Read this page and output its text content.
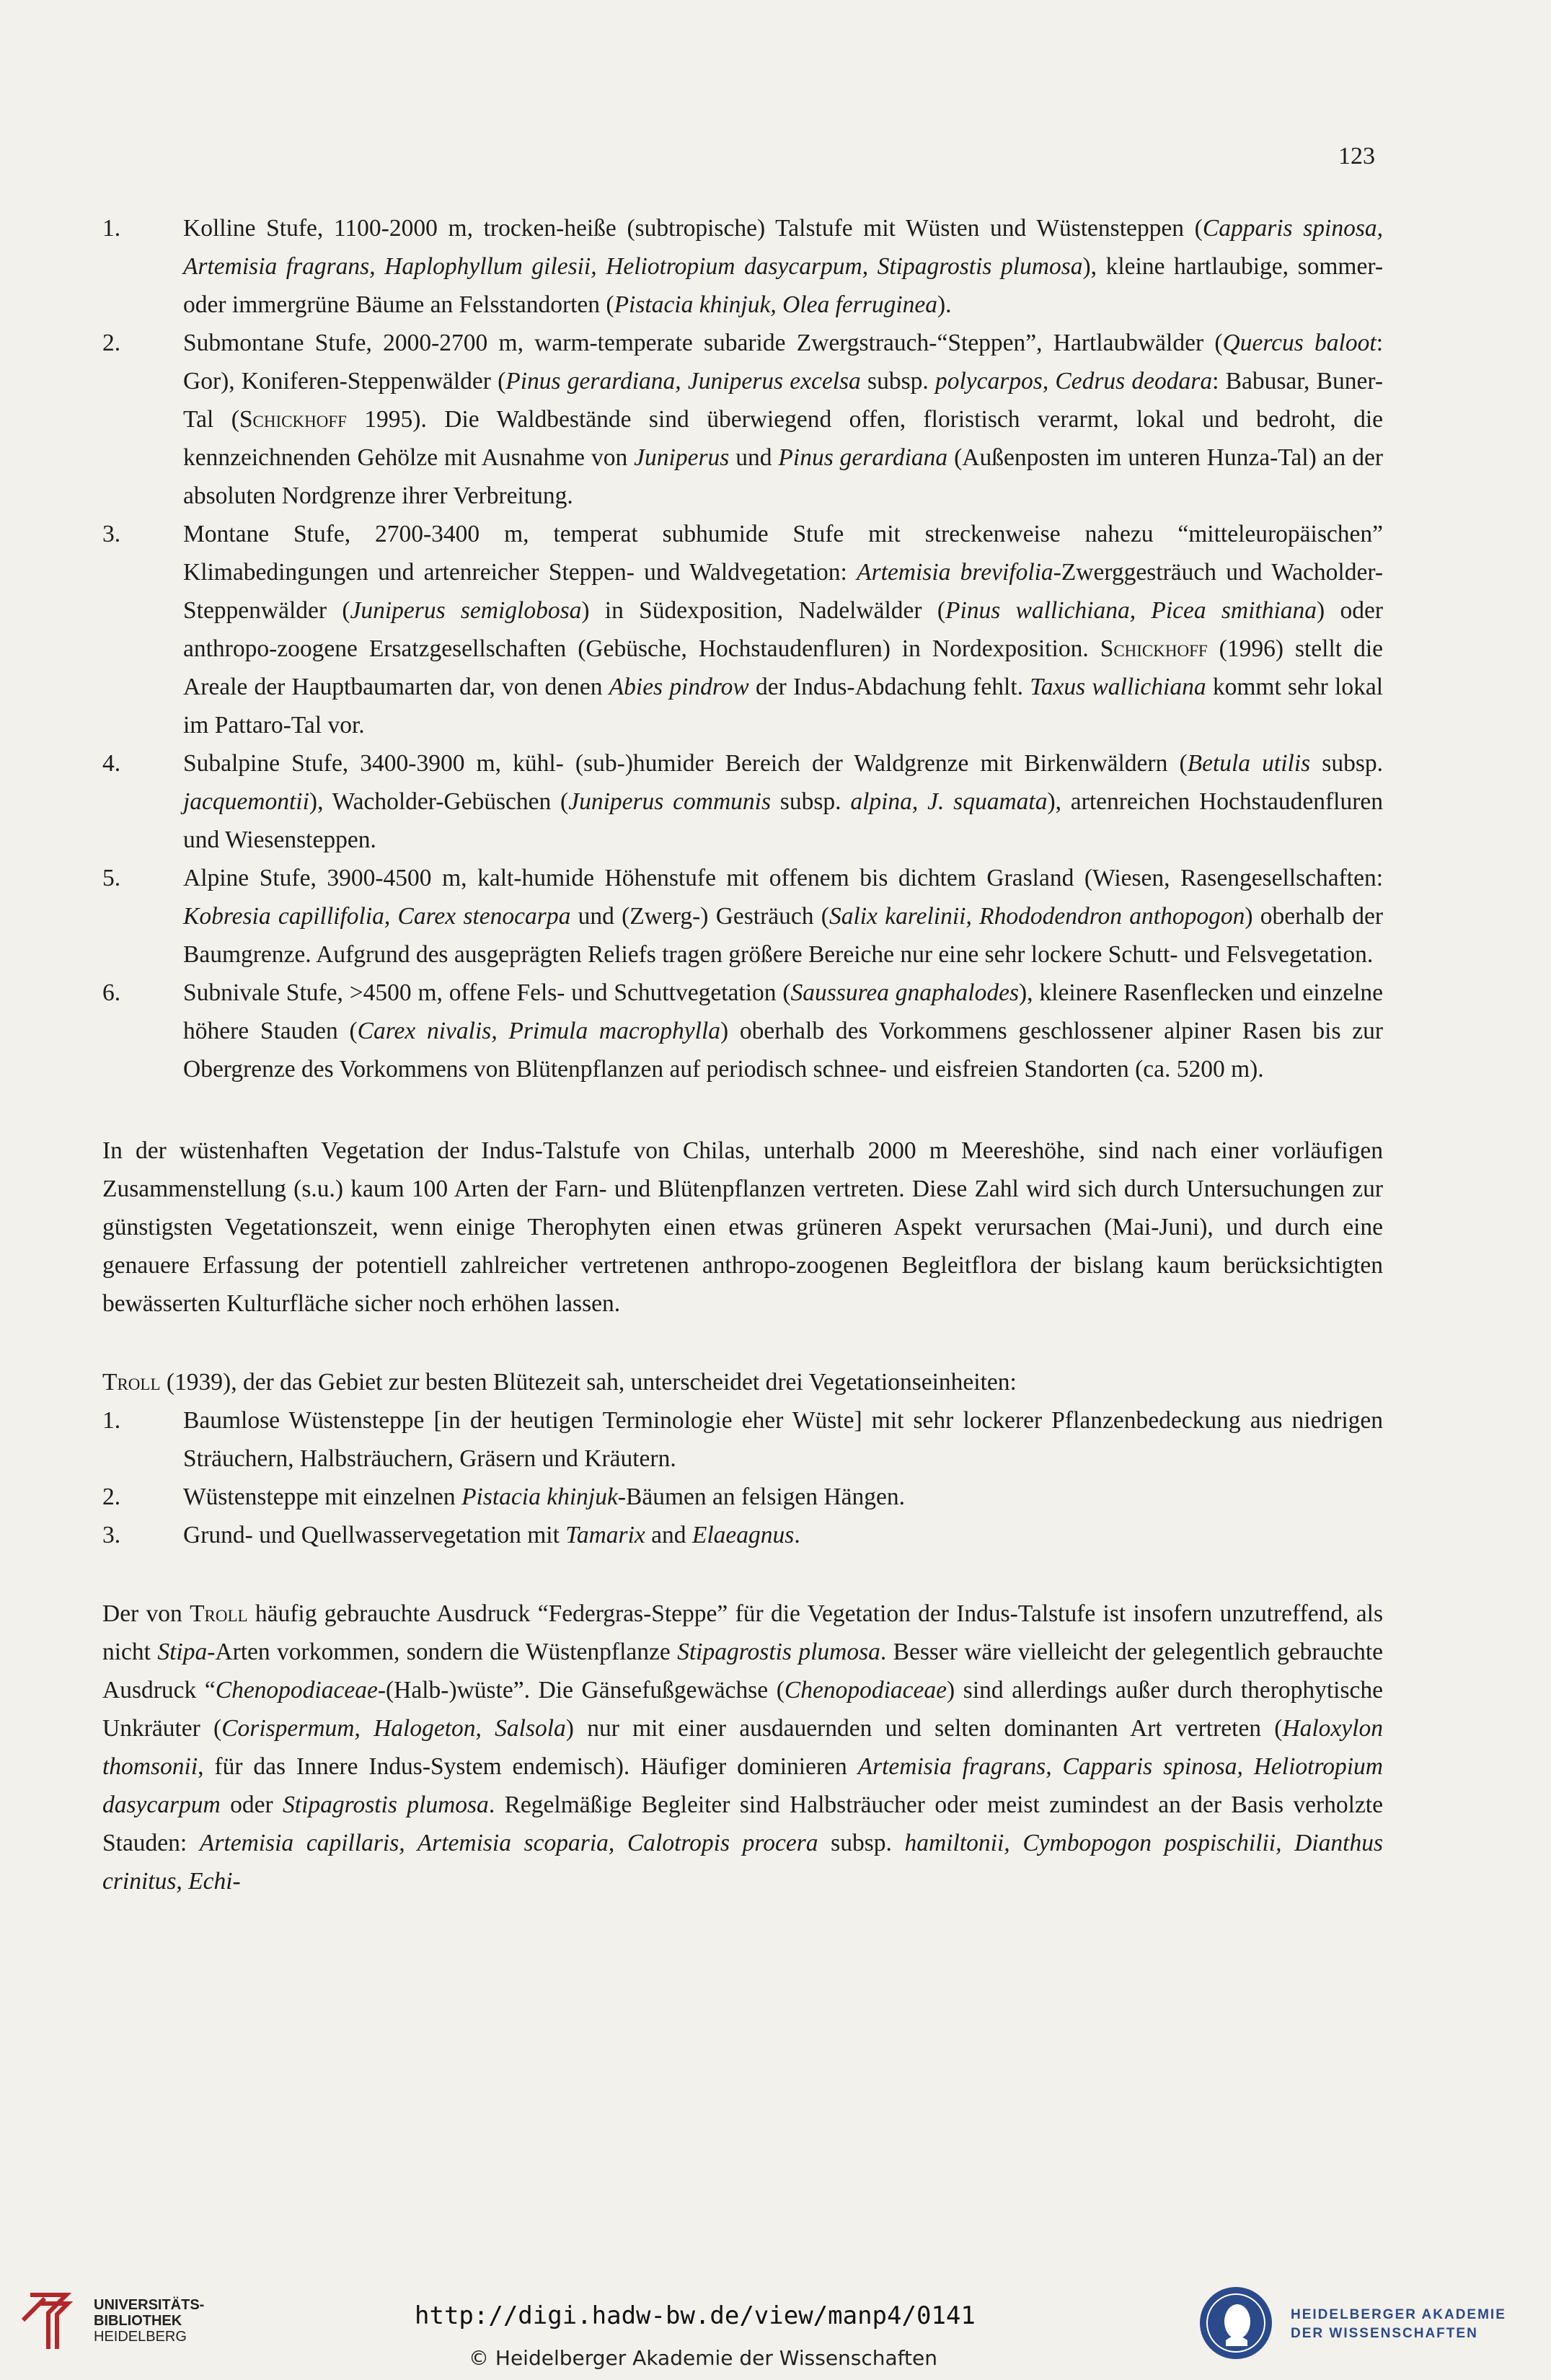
123
1.	Kolline Stufe, 1100-2000 m, trocken-heiße (subtropische) Talstufe mit Wüsten und Wüstensteppen (Capparis spinosa, Artemisia fragrans, Haplophyllum gilesii, Heliotropium dasycarpum, Stipagrostis plumosa), kleine hartlaubige, sommer- oder immergrüne Bäume an Felsstandorten (Pistacia khinjuk, Olea ferruginea).
2.	Submontane Stufe, 2000-2700 m, warm-temperate subaride Zwergstrauch-“Steppen”, Hartlaubwälder (Quercus baloot: Gor), Koniferen-Steppenwälder (Pinus gerardiana, Juniperus excelsa subsp. polycarpos, Cedrus deodara: Babusar, Buner-Tal (Schickhoff 1995). Die Waldbestände sind überwiegend offen, floristisch verarmt, lokal und bedroht, die kennzeichnenden Gehölze mit Ausnahme von Juniperus und Pinus gerardiana (Außenposten im unteren Hunza-Tal) an der absoluten Nordgrenze ihrer Verbreitung.
3.	Montane Stufe, 2700-3400 m, temperat subhumide Stufe mit streckenweise nahezu “mitteleuropäischen” Klimabedingungen und artenreicher Steppen- und Waldvegetation: Artemisia brevifolia-Zwerggesträuch und Wacholder-Steppenwälder (Juniperus semiglobosa) in Südexposition, Nadelwälder (Pinus wallichiana, Picea smithiana) oder anthropo-zoogene Ersatzgesellschaften (Gebüsche, Hochstaudenfluren) in Nordexposition. Schickhoff (1996) stellt die Areale der Hauptbaumarten dar, von denen Abies pindrow der Indus-Abdachung fehlt. Taxus wallichiana kommt sehr lokal im Pattaro-Tal vor.
4.	Subalpine Stufe, 3400-3900 m, kühl- (sub-)humider Bereich der Waldgrenze mit Birkenwäldern (Betula utilis subsp. jacquemontii), Wacholder-Gebüschen (Juniperus communis subsp. alpina, J. squamata), artenreichen Hochstaudenfluren und Wiesensteppen.
5.	Alpine Stufe, 3900-4500 m, kalt-humide Höhenstufe mit offenem bis dichtem Grasland (Wiesen, Rasengesellschaften: Kobresia capillifolia, Carex stenocarpa und (Zwerg-) Gesträuch (Salix karelinii, Rhododendron anthopogon) oberhalb der Baumgrenze. Aufgrund des ausgeprägten Reliefs tragen größere Bereiche nur eine sehr lockere Schutt- und Felsvegetation.
6.	Subnivale Stufe, >4500 m, offene Fels- und Schuttvegetation (Saussurea gnaphalodes), kleinere Rasenflecken und einzelne höhere Stauden (Carex nivalis, Primula macrophylla) oberhalb des Vorkommens geschlossener alpiner Rasen bis zur Obergrenze des Vorkommens von Blütenpflanzen auf periodisch schnee- und eisfreien Standorten (ca. 5200 m).

In der wüstenhaften Vegetation der Indus-Talstufe von Chilas, unterhalb 2000 m Meereshöhe, sind nach einer vorläufigen Zusammenstellung (s.u.) kaum 100 Arten der Farn- und Blütenpflanzen vertreten. Diese Zahl wird sich durch Untersuchungen zur günstigsten Vegetationszeit, wenn einige Therophyten einen etwas grüneren Aspekt verursachen (Mai-Juni), und durch eine genauere Erfassung der potentiell zahlreicher vertretenen anthropo-zoogenen Begleitflora der bislang kaum berücksichtigten bewässerten Kulturfläche sicher noch erhöhen lassen.

Troll (1939), der das Gebiet zur besten Blütezeit sah, unterscheidet drei Vegetationseinheiten:

1.	Baumlose Wüstensteppe [in der heutigen Terminologie eher Wüste] mit sehr lockerer Pflanzenbedeckung aus niedrigen Sträuchern, Halbsträuchern, Gräsern und Kräutern.
2.	Wüstensteppe mit einzelnen Pistacia khinjuk-Bäumen an felsigen Hängen.
3.	Grund- und Quellwasservegetation mit Tamarix and Elaeagnus.

Der von Troll häufig gebrauchte Ausdruck “Federgras-Steppe” für die Vegetation der Indus-Talstufe ist insofern unzutreffend, als nicht Stipa-Arten vorkommen, sondern die Wüstenpflanze Stipagrostis plumosa. Besser wäre vielleicht der gelegentlich gebrauchte Ausdruck “Chenopodiaceae-(Halb-)wüste”. Die Gänsefußgewächse (Chenopodiaceae) sind allerdings außer durch therophytische Unkräuter (Corispermum, Halogeton, Salsola) nur mit einer ausdauernden und selten dominanten Art vertreten (Haloxylon thomsonii, für das Innere Indus-System endemisch). Häufiger dominieren Artemisia fragrans, Capparis spinosa, Heliotropium dasycarpum oder Stipagrostis plumosa. Regelmäßige Begleiter sind Halbsträucher oder meist zumindest an der Basis verholzte Stauden: Artemisia capillaris, Artemisia scoparia, Calotropis procera subsp. hamiltonii, Cymbopogon pospischilii, Dianthus crinitus, Echi-

UNIVERSITÄTS-
BIBLIOTHEK
HEIDELBERG
http://digi.hadw-bw.de/view/manp4/0141
© Heidelberger Akademie der Wissenschaften
HEIDELBERGER AKADEMIE
DER WISSENSCHAFTEN
